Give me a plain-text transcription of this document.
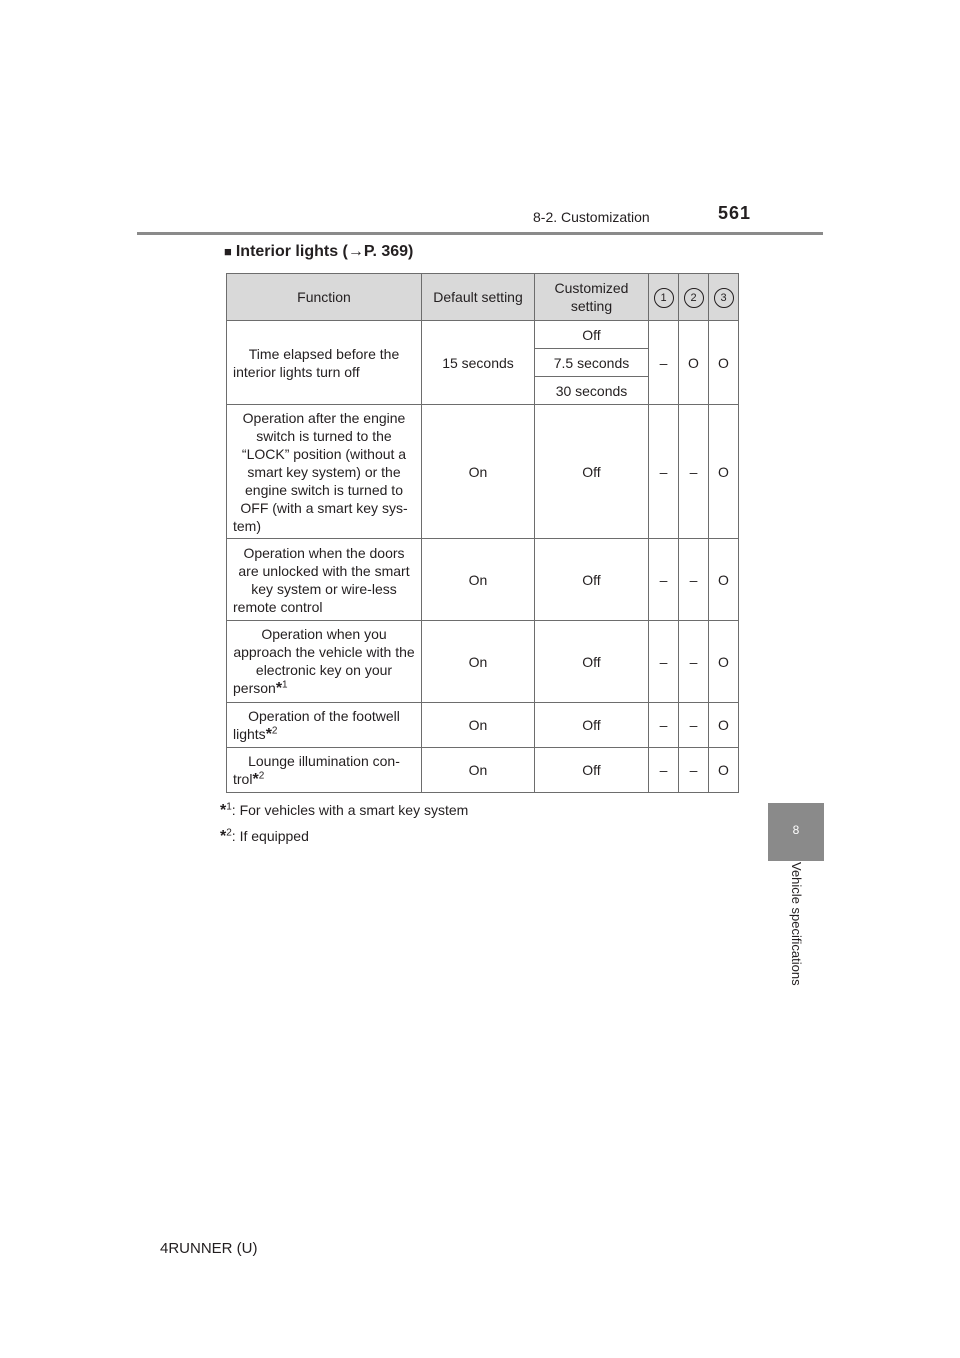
8-2. Customization	561
8
Vehicle specifications
■ Interior lights (→P. 369)
Function	Default setting	Customized setting	1	2	3
Time elapsed before the interior lights turn off	15 seconds	Off	–	O	O
		7.5 seconds			
		30 seconds			
Operation after the engine switch is turned to the “LOCK” position (without a smart key system) or the engine switch is turned to OFF (with a smart key sys-tem)	On	Off	–	–	O
Operation when the doors are unlocked with the smart key system or wire-less remote control	On	Off	–	–	O
Operation when you approach the vehicle with the electronic key on your person*$^1$	On	Off	–	–	O
Operation of the footwell lights*$^2$	On	Off	–	–	O
Lounge illumination con-trol*$^2$	On	Off	–	–	O
*$^1$: For vehicles with a smart key system
*$^2$: If equipped
4RUNNER (U)
